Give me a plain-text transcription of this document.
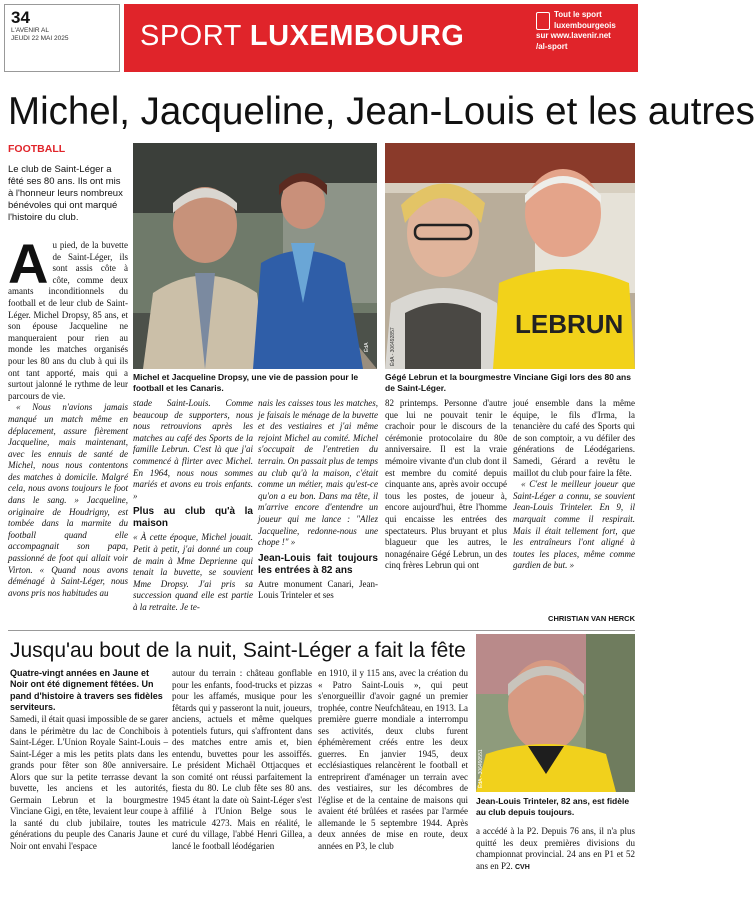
34
L'AVENIR AL
JEUDI 22 MAI 2025	SPORT LUXEMBOURG
Tout le sport
luxembourgeois
sur www.lavenir.net
/al-sport
Michel, Jacqueline, Jean-Louis et les autres
FOOTBALL
Le club de Saint-Léger a fêté ses 80 ans. Ils ont mis à l'honneur leurs nombreux bénévoles qui ont marqué l'histoire du club.
ÉdA
Michel et Jacqueline Dropsy, une vie de passion pour le football et les Canaris.
LEBRUN
ÉdA - 306492857
Gégé Lebrun et la bourgmestre Vinciane Gigi lors des 80 ans de Saint-Léger.
A u pied, de la buvette de Saint-Léger, ils sont assis côte à côte, comme deux amants inconditionnels du football et de leur club de Saint-Léger. Michel Dropsy, 85 ans, et son épouse Jacqueline ne manqueraient pour rien au monde les matches organisés pour les 80 ans du club à qui ils ont tant apporté, mais qui a surtout jalonné le rythme de leur parcours de vie.

« Nous n'avions jamais manqué un match même en déplacement, assure fièrement Jacqueline, mais maintenant, avec les ennuis de santé de Michel, nous nous contentons des matches à domicile. Malgré cela, nous avons toujours le foot dans le sang. » Jacqueline, originaire de Houdrigny, est tombée dans la marmite du football quand elle accompagnait son papa, passionné de foot qui allait voir Virton. « Quand nous avons déménagé à Saint-Léger, nous avons pris nos habitudes au

stade Saint-Louis. Comme beaucoup de supporters, nous nous retrouvions après les matches au café des Sports de la famille Lebrun. C'est là que j'ai commencé à flirter avec Michel. En 1964, nous nous sommes mariés et avons eu trois enfants. »

Plus au club qu'à la maison

« À cette époque, Michel jouait. Petit à petit, j'ai donné un coup de main à Mme Deprienne qui tenait la buvette, se souvient Mme Dropsy. J'ai pris sa succession quand elle est partie à la retraite. Je te-

nais les caisses tous les matches, je faisais le ménage de la buvette et des vestiaires et j'ai même rejoint Michel au comité. Michel s'occupait de l'entretien du terrain. On passait plus de temps au club qu'à la maison, c'était comme un métier, mais qu'est-ce qu'on a eu bon. Dans ma tête, il m'arrive encore d'entendre un joueur qui me lance : "Allez Jacqueline, redonne-nous une chope !" »

Jean-Louis fait toujours les entrées à 82 ans

Autre monument Canari, Jean-Louis Trinteler et ses

82 printemps. Personne d'autre que lui ne pouvait tenir le crachoir pour le discours de la cérémonie protocolaire du 80e anniversaire. Il est la vraie mémoire vivante d'un club dont il est membre du comité depuis cinquante ans, après avoir occupé tous les postes, de joueur à, encore aujourd'hui, être l'homme qui encaisse les entrées des spectateurs. Plus bruyant et plus blagueur que les autres, le nonagénaire Gégé Lebrun, un des cinq frères Lebrun qui ont

joué ensemble dans la même équipe, le fils d'Irma, la tenancière du café des Sports qui de son comptoir, a vu défiler des générations de Léodégariens. Samedi, Gérard a revêtu le maillot du club pour faire la fête.

« C'est le meilleur joueur que Saint-Léger a connu, se souvient Jean-Louis Trinteler. En 9, il marquait comme il respirait. Mais il était tellement fort, que les entraîneurs l'ont aligné à toutes les places, même comme gardien de but. »

CHRISTIAN VAN HERCK
Jusqu'au bout de la nuit, Saint-Léger a fait la fête
Quatre-vingt années en Jaune et Noir ont été dignement fêtées. Un pand d'histoire à travers ses fidèles serviteurs.

Samedi, il était quasi impossible de se garer dans le périmètre du lac de Conchibois à Saint-Léger. L'Union Royale Saint-Louis – Saint-Léger a mis les petits plats dans les grands pour fêter son 80e anniversaire. Alors que sur la petite terrasse devant la buvette, les anciens et les autorités, Germain Lebrun et la bourgmestre Vinciane Gigi, en tête, levaient leur coupe à la santé du club jubilaire, toutes les générations du peuple des Canaris Jaune et Noir ont envahi l'espace

autour du terrain : château gonflable pour les enfants, food-trucks et pizzas pour les affamés, musique pour les fêtards qui y passeront la nuit, joueurs, anciens, actuels et même quelques potentiels futurs, qui s'affrontent dans des matches entre amis et, bien entendu, buvettes pour les assoiffés. Le président Michaël Ottjacques et son comité ont réussi parfaitement la fiesta du 80. Le club fête ses 80 ans. 1945 étant la date où Saint-Léger s'est affilié à l'Union Belge sous le matricule 4273. Mais en réalité, le curé du village, l'abbé Henri Gillea, a lancé le football léodégarien

en 1910, il y 115 ans, avec la création du « Patro Saint-Louis », qui peut s'enorgueillir d'avoir gagné un premier trophée, contre Neufchâteau, en 1913. La première guerre mondiale a interrompu ses activités, deux clubs furent éphémèrement créés entre les deux guerres. En janvier 1945, deux ecclésiastiques relancèrent le football et entreprirent d'aménager un terrain avec des vestiaires, sur les décombres de l'église et de la centaine de maisons qui avaient été brûlées et rasées par l'armée allemande le 5 septembre 1944. Après deux années de mise en route, deux années en P3, le club

ÉdA - 306490551
Jean-Louis Trinteler, 82 ans, est fidèle au club depuis toujours.

a accédé à la P2. Depuis 76 ans, il n'a plus quitté les deux premières divisions du championnat provincial. 24 ans en P1 et 52 ans en P2. CVH
